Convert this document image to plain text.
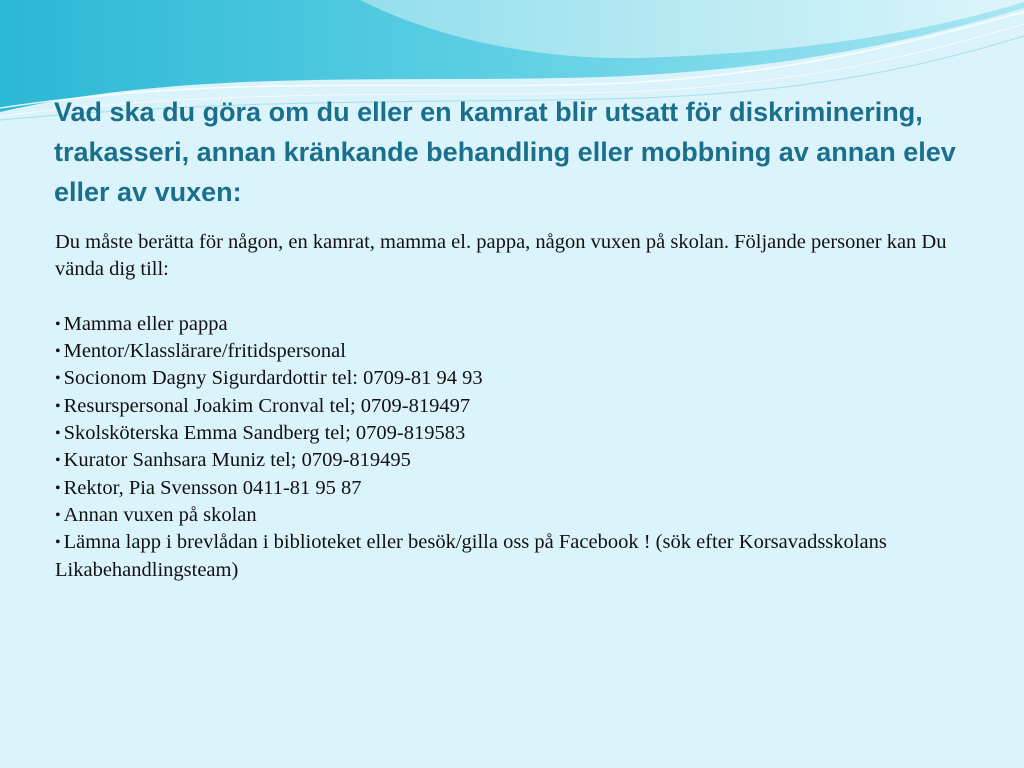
Vad ska du göra om du eller en kamrat blir utsatt för diskriminering, trakasseri, annan kränkande behandling eller mobbning av annan elev eller av vuxen:

Du måste berätta för någon, en kamrat, mamma el. pappa, någon vuxen på skolan. Följande personer kan Du vända dig till:

• Mamma eller pappa
• Mentor/Klasslärare/fritidspersonal
• Socionom Dagny Sigurdardottir tel: 0709-81 94 93
• Resurspersonal Joakim Cronval tel; 0709-819497
• Skolsköterska Emma Sandberg tel; 0709-819583
• Kurator Sanhsara Muniz tel; 0709-819495
• Rektor, Pia Svensson 0411-81 95 87
• Annan vuxen på skolan
• Lämna lapp i brevlådan i biblioteket eller besök/gilla oss på Facebook ! (sök efter Korsavadsskolans Likabehandlingsteam)
